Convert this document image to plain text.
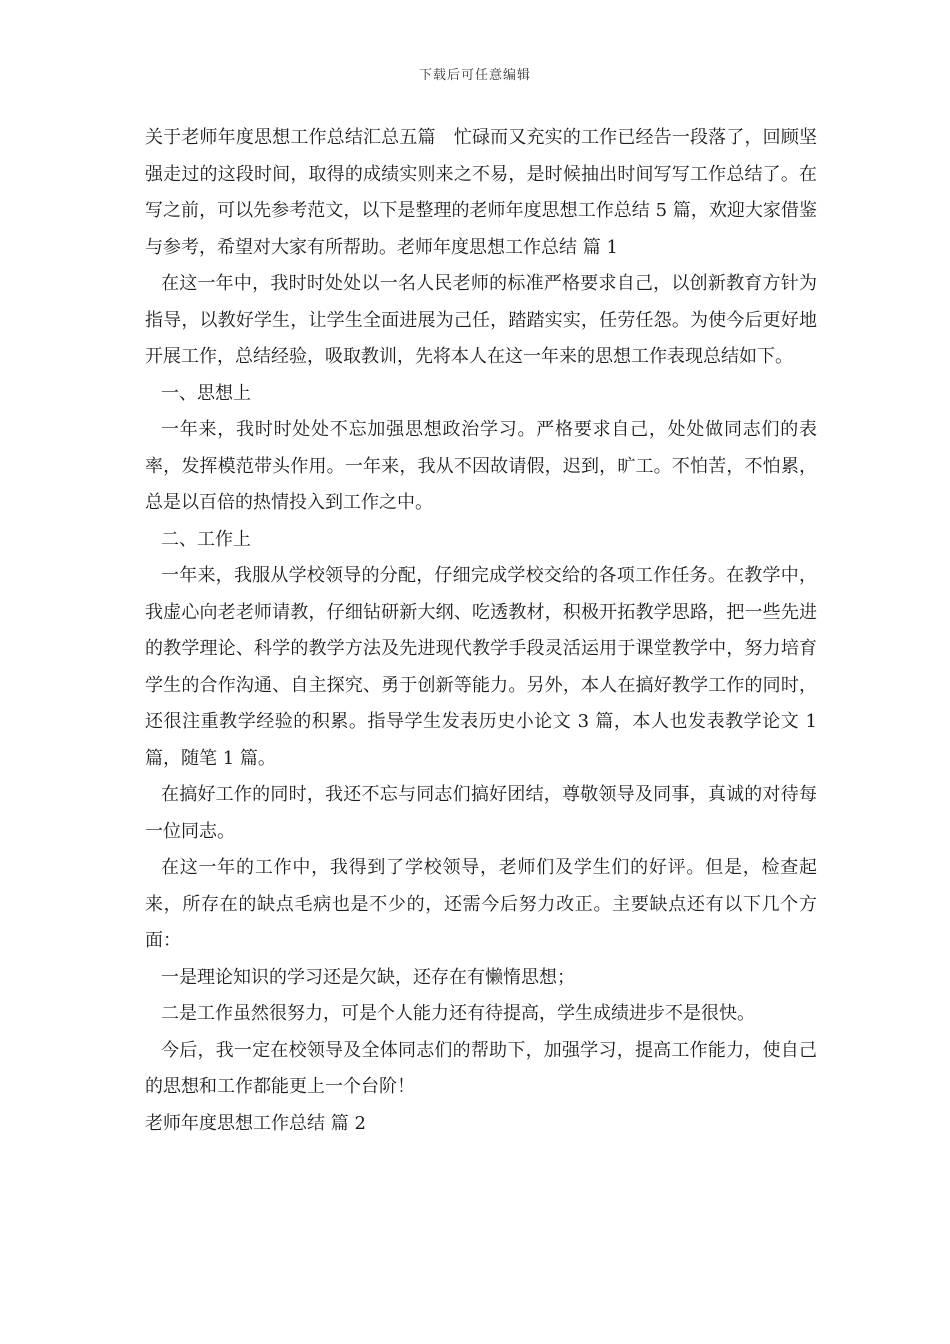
下载后可任意编辑

关于老师年度思想工作总结汇总五篇　忙碌而又充实的工作已经告一段落了，回顾坚强走过的这段时间，取得的成绩实则来之不易，是时候抽出时间写写工作总结了。在写之前，可以先参考范文，以下是整理的老师年度思想工作总结 5 篇，欢迎大家借鉴与参考，希望对大家有所帮助。老师年度思想工作总结 篇 1

在这一年中，我时时处处以一名人民老师的标准严格要求自己，以创新教育方针为指导，以教好学生，让学生全面进展为己任，踏踏实实，任劳任怨。为使今后更好地开展工作，总结经验，吸取教训，先将本人在这一年来的思想工作表现总结如下。

一、思想上

一年来，我时时处处不忘加强思想政治学习。严格要求自己，处处做同志们的表率，发挥模范带头作用。一年来，我从不因故请假，迟到，旷工。不怕苦，不怕累，总是以百倍的热情投入到工作之中。

二、工作上

一年来，我服从学校领导的分配，仔细完成学校交给的各项工作任务。在教学中，我虚心向老老师请教，仔细钻研新大纲、吃透教材，积极开拓教学思路，把一些先进的教学理论、科学的教学方法及先进现代教学手段灵活运用于课堂教学中，努力培育学生的合作沟通、自主探究、勇于创新等能力。另外，本人在搞好教学工作的同时，还很注重教学经验的积累。指导学生发表历史小论文 3 篇，本人也发表教学论文 1 篇，随笔 1 篇。

在搞好工作的同时，我还不忘与同志们搞好团结，尊敬领导及同事，真诚的对待每一位同志。

在这一年的工作中，我得到了学校领导，老师们及学生们的好评。但是，检查起来，所存在的缺点毛病也是不少的，还需今后努力改正。主要缺点还有以下几个方面：

一是理论知识的学习还是欠缺，还存在有懒惰思想；

二是工作虽然很努力，可是个人能力还有待提高，学生成绩进步不是很快。

今后，我一定在校领导及全体同志们的帮助下，加强学习，提高工作能力，使自己的思想和工作都能更上一个台阶！

老师年度思想工作总结 篇 2
